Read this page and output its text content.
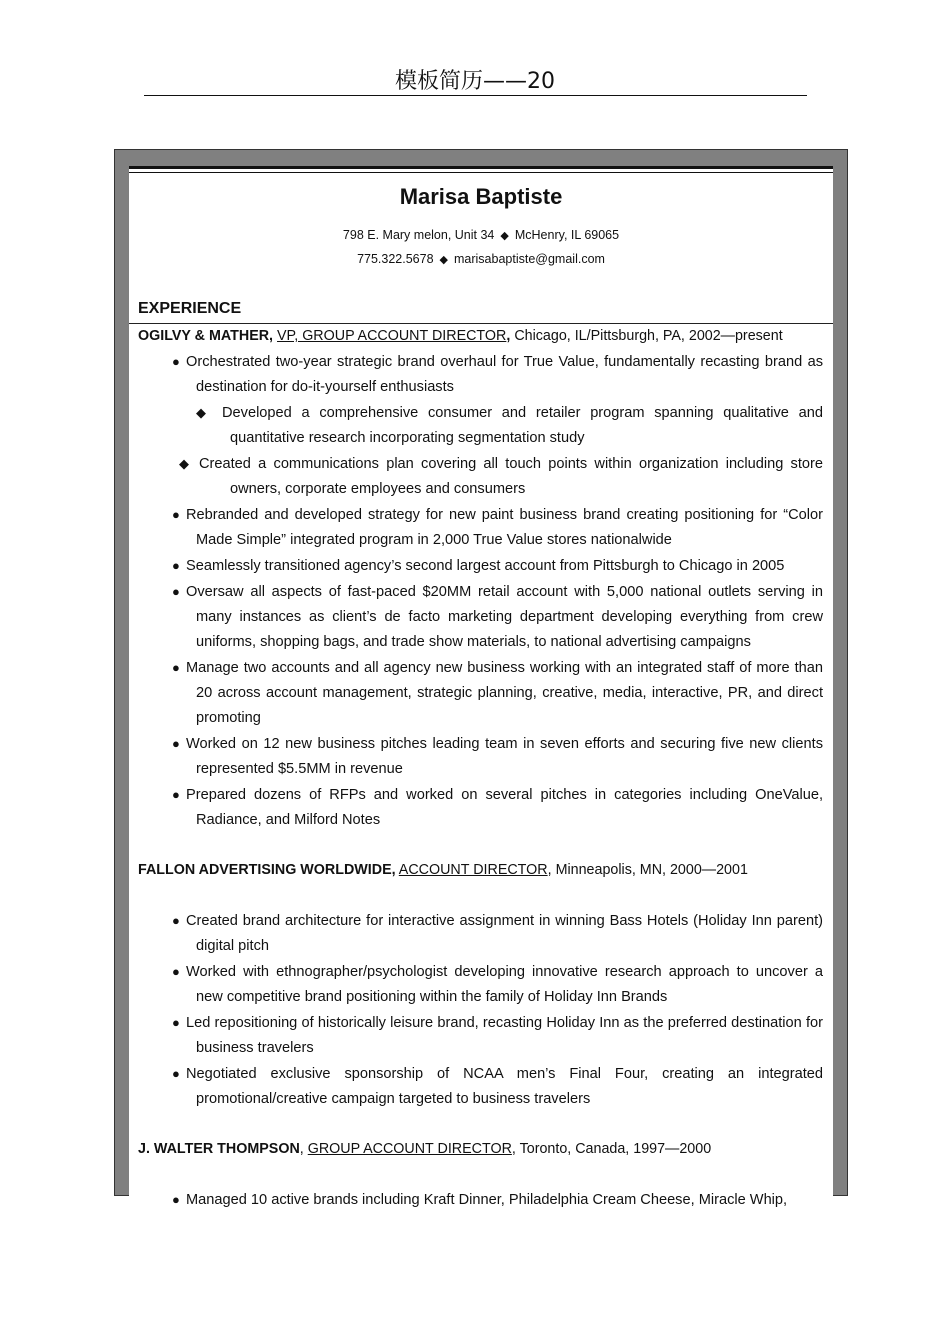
模板简历——20
Marisa Baptiste
798 E. Mary melon, Unit 34 ◆ McHenry, IL 69065
775.322.5678 ◆ marisabaptiste@gmail.com
EXPERIENCE
OGILVY & MATHER, VP, GROUP ACCOUNT DIRECTOR, Chicago, IL/Pittsburgh, PA, 2002—present
● Orchestrated two-year strategic brand overhaul for True Value, fundamentally recasting brand as destination for do-it-yourself enthusiasts
◆ Developed a comprehensive consumer and retailer program spanning qualitative and quantitative research incorporating segmentation study
◆ Created a communications plan covering all touch points within organization including store owners, corporate employees and consumers
● Rebranded and developed strategy for new paint business brand creating positioning for “Color Made Simple” integrated program in 2,000 True Value stores nationalwide
● Seamlessly transitioned agency’s second largest account from Pittsburgh to Chicago in 2005
● Oversaw all aspects of fast-paced $20MM retail account with 5,000 national outlets serving in many instances as client’s de facto marketing department developing everything from crew uniforms, shopping bags, and trade show materials, to national advertising campaigns
● Manage two accounts and all agency new business working with an integrated staff of more than 20 across account management, strategic planning, creative, media, interactive, PR, and direct promoting
● Worked on 12 new business pitches leading team in seven efforts and securing five new clients represented $5.5MM in revenue
● Prepared dozens of RFPs and worked on several pitches in categories including OneValue, Radiance, and Milford Notes
FALLON ADVERTISING WORLDWIDE, ACCOUNT DIRECTOR, Minneapolis, MN, 2000—2001
● Created brand architecture for interactive assignment in winning Bass Hotels (Holiday Inn parent) digital pitch
● Worked with ethnographer/psychologist developing innovative research approach to uncover a new competitive brand positioning within the family of Holiday Inn Brands
● Led repositioning of historically leisure brand, recasting Holiday Inn as the preferred destination for business travelers
● Negotiated exclusive sponsorship of NCAA men’s Final Four, creating an integrated promotional/creative campaign targeted to business travelers
J. WALTER THOMPSON, GROUP ACCOUNT DIRECTOR, Toronto, Canada, 1997—2000
● Managed 10 active brands including Kraft Dinner, Philadelphia Cream Cheese, Miracle Whip,
